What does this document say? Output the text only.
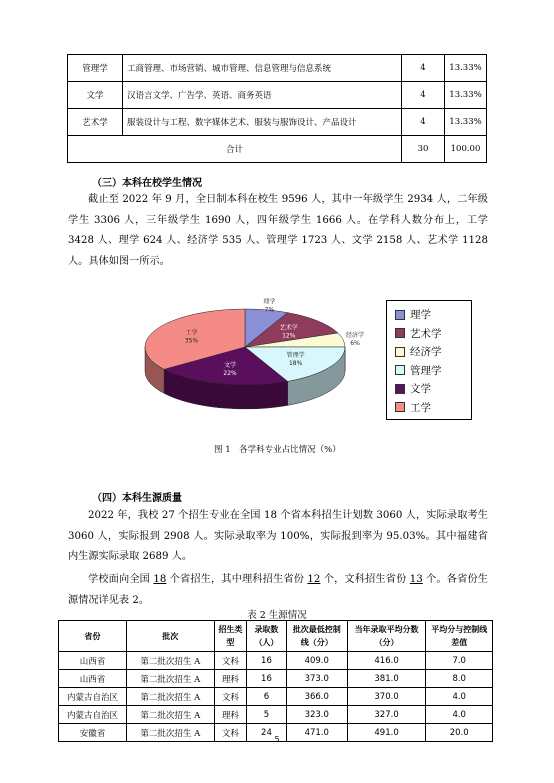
管理学	工商管理、市场营销、城市管理、信息管理与信息系统	4	13.33%
文学	汉语言文学、广告学、英语、商务英语	4	13.33%
艺术学	服装设计与工程、数字媒体艺术、服装与服饰设计、产品设计	4	13.33%
合计		30	100.00
（三）本科在校学生情况

截止至 2022 年 9 月，全日制本科在校生 9596 人，其中一年级学生 2934 人，二年级学生 3306 人，三年级学生 1690 人，四年级学生 1666 人。在学科人数分布上，工学 3428 人、理学 624 人、经济学 535 人、管理学 1723 人、文学 2158 人、艺术学 1128 人。具体如图一所示。

理学
7%
艺术学
12%	经济学
6%
管理学
18%
文学
22%
工学
35%
理学
艺术学
经济学
管理学
文学
工学
图 1　各学科专业占比情况（%）
（四）本科生源质量

2022 年，我校 27 个招生专业在全国 18 个省本科招生计划数 3060 人，实际录取考生 3060 人，实际报到 2908 人。实际录取率为 100%，实际报到率为 95.03%。其中福建省内生源实际录取 2689 人。

学校面向全国 18 个省招生，其中理科招生省份 12 个，文科招生省份 13 个。各省份生源情况详见表 2。

表 2 生源情况
省份	批次	招生类型	录取数（人）	批次最低控制线（分）	当年录取平均分数（分）	平均分与控制线差值
山西省	第二批次招生 A	文科	16	409.0	416.0	7.0
山西省	第二批次招生 A	理科	16	373.0	381.0	8.0
内蒙古自治区	第二批次招生 A	文科	6	366.0	370.0	4.0
内蒙古自治区	第二批次招生 A	理科	5	323.0	327.0	4.0
安徽省	第二批次招生 A	文科	24	471.0	491.0	20.0
5
